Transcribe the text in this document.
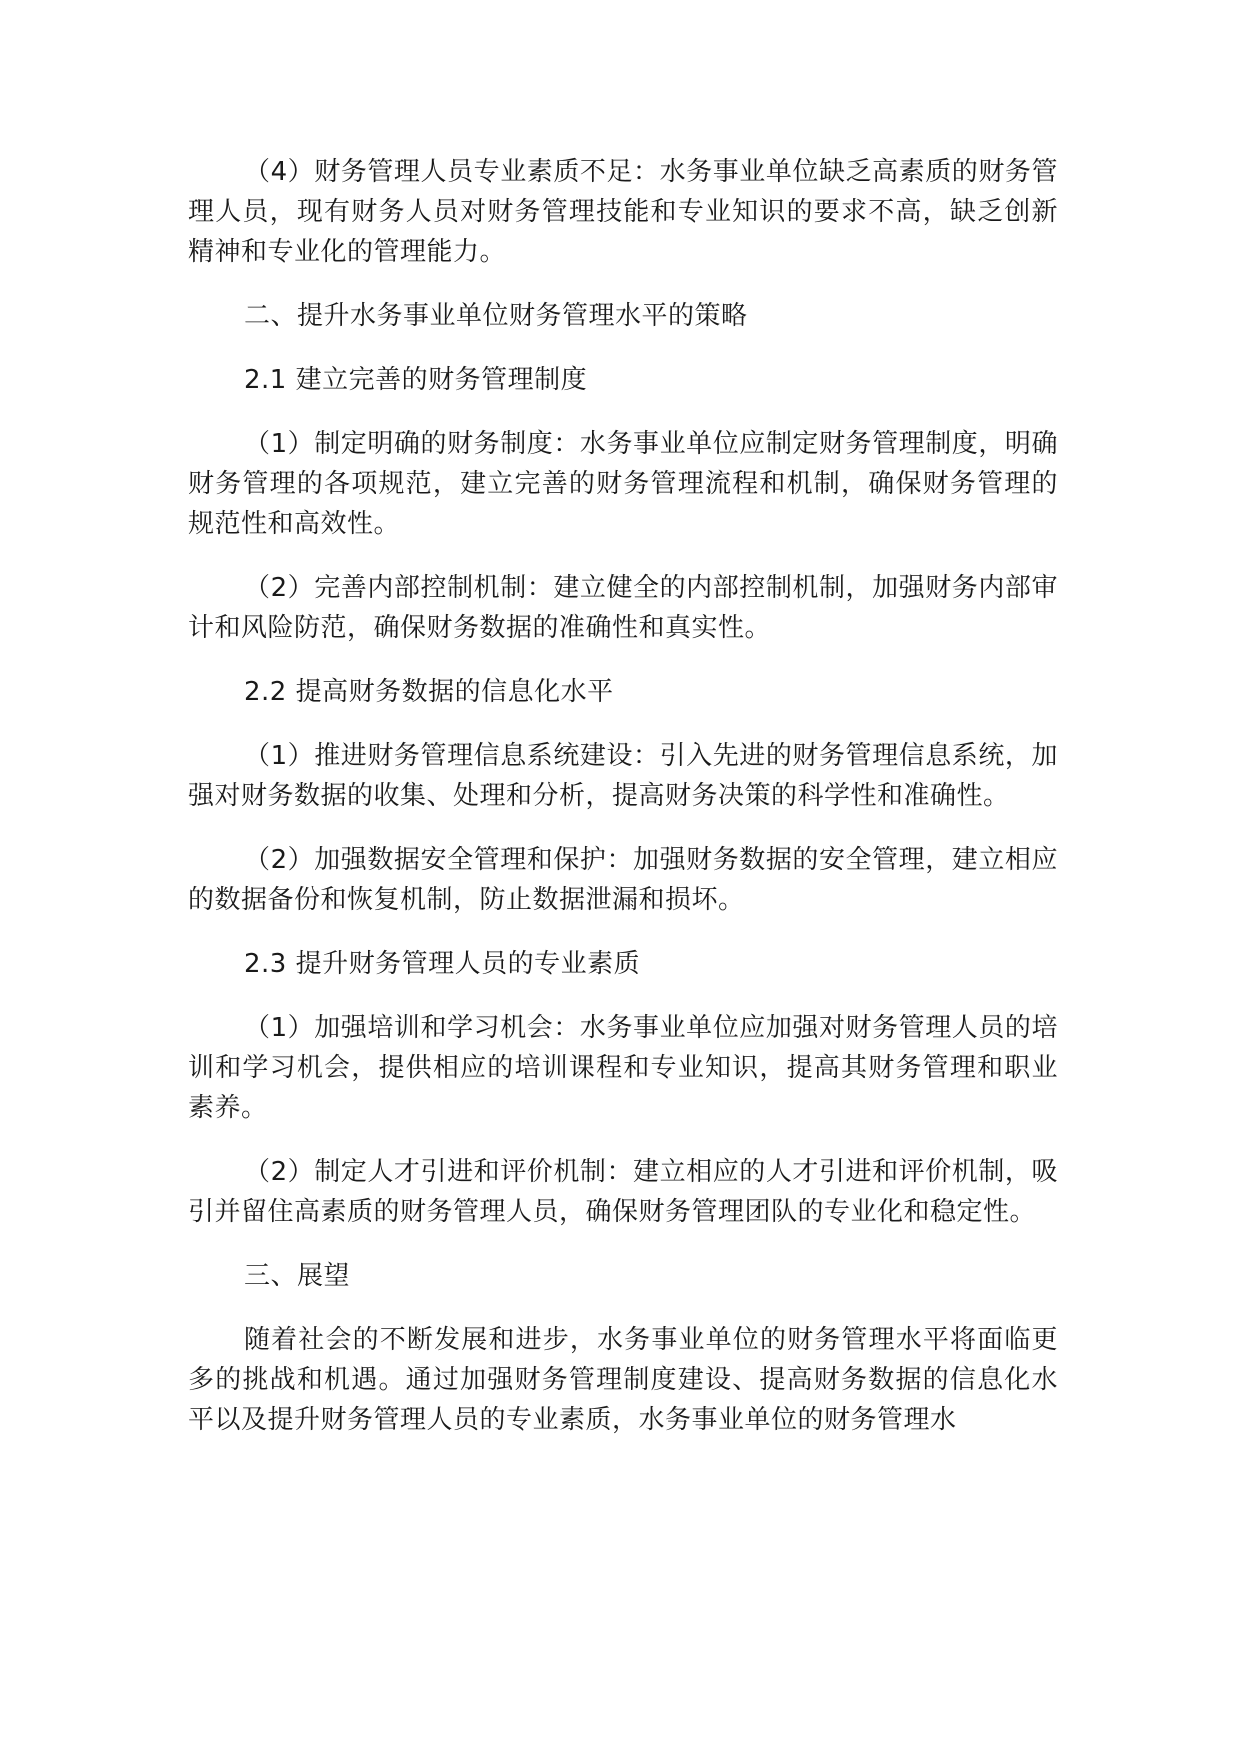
（4）财务管理人员专业素质不足：水务事业单位缺乏高素质的财务管理人员，现有财务人员对财务管理技能和专业知识的要求不高，缺乏创新精神和专业化的管理能力。

二、提升水务事业单位财务管理水平的策略

2.1 建立完善的财务管理制度

（1）制定明确的财务制度：水务事业单位应制定财务管理制度，明确财务管理的各项规范，建立完善的财务管理流程和机制，确保财务管理的规范性和高效性。

（2）完善内部控制机制：建立健全的内部控制机制，加强财务内部审计和风险防范，确保财务数据的准确性和真实性。

2.2 提高财务数据的信息化水平

（1）推进财务管理信息系统建设：引入先进的财务管理信息系统，加强对财务数据的收集、处理和分析，提高财务决策的科学性和准确性。

（2）加强数据安全管理和保护：加强财务数据的安全管理，建立相应的数据备份和恢复机制，防止数据泄漏和损坏。

2.3 提升财务管理人员的专业素质

（1）加强培训和学习机会：水务事业单位应加强对财务管理人员的培训和学习机会，提供相应的培训课程和专业知识，提高其财务管理和职业素养。

（2）制定人才引进和评价机制：建立相应的人才引进和评价机制，吸引并留住高素质的财务管理人员，确保财务管理团队的专业化和稳定性。

三、展望

随着社会的不断发展和进步，水务事业单位的财务管理水平将面临更多的挑战和机遇。通过加强财务管理制度建设、提高财务数据的信息化水平以及提升财务管理人员的专业素质，水务事业单位的财务管理水
